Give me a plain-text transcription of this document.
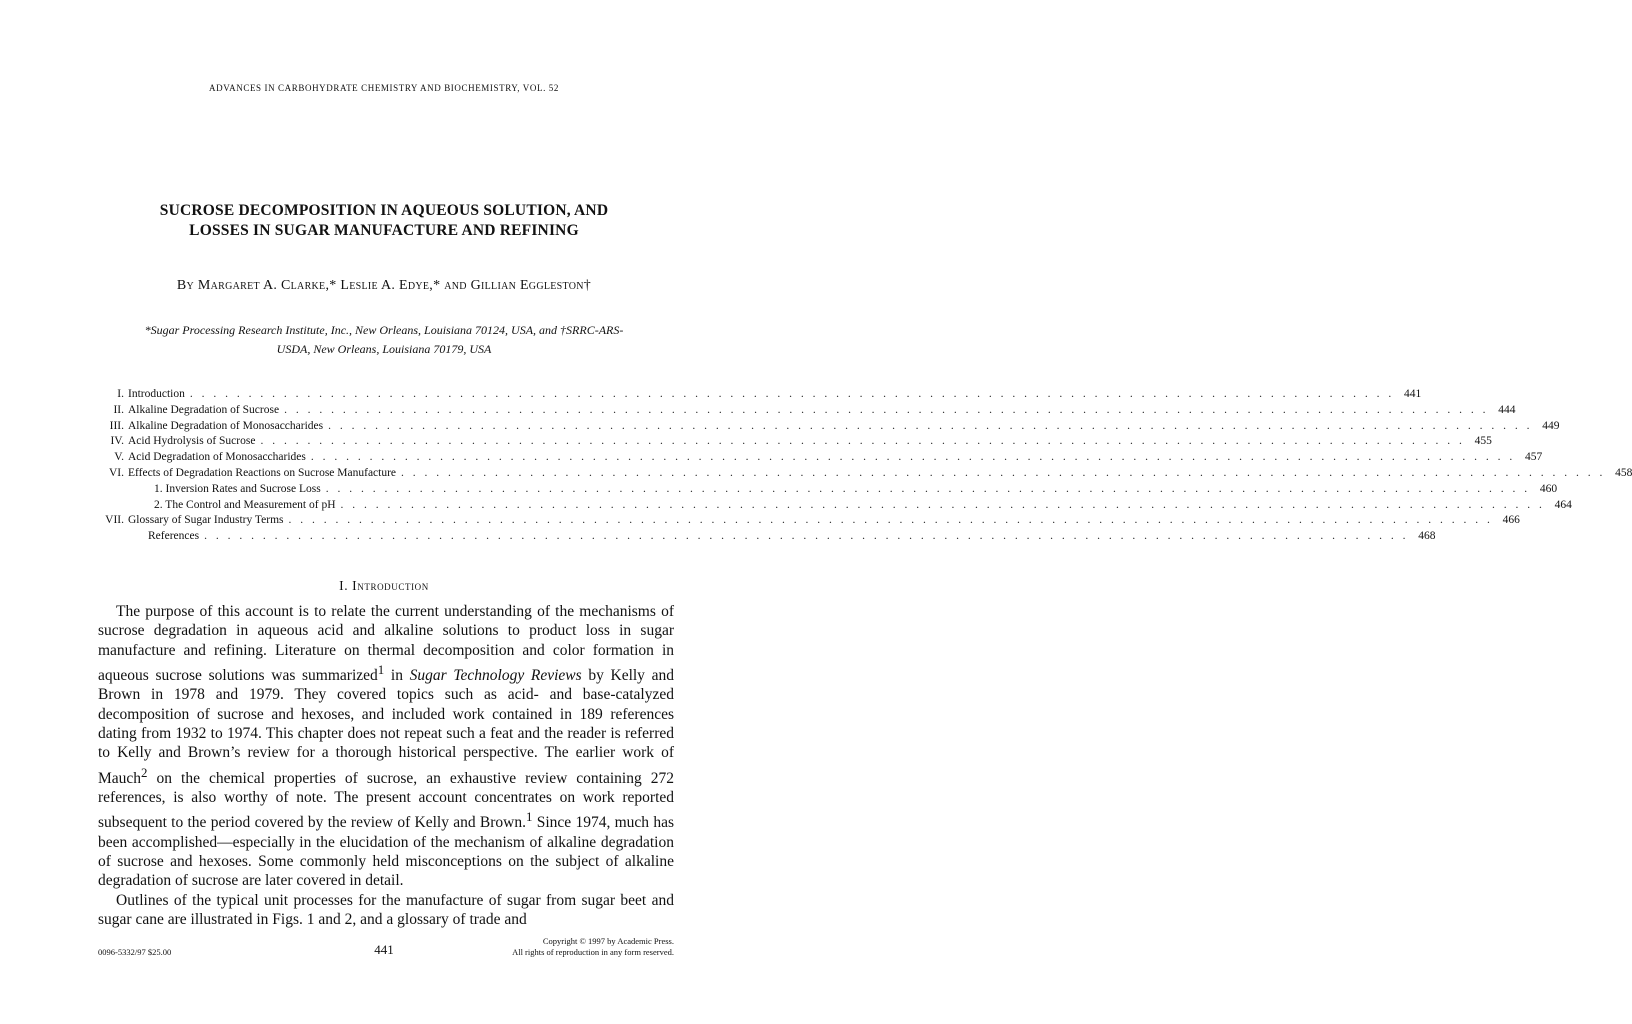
ADVANCES IN CARBOHYDRATE CHEMISTRY AND BIOCHEMISTRY, VOL. 52
SUCROSE DECOMPOSITION IN AQUEOUS SOLUTION, AND
LOSSES IN SUGAR MANUFACTURE AND REFINING
By Margaret A. Clarke,* Leslie A. Edye,* and Gillian Eggleston†
*Sugar Processing Research Institute, Inc., New Orleans, Louisiana 70124, USA, and †SRRC-ARS-
USDA, New Orleans, Louisiana 70179, USA
I. Introduction . . . . . . . . . . . . . . . . . . . . . . . . . . . . . . . . . . . . . . . . . . . . . . . . . . . . . . . . . . . . . . . . . . . . . . . . . . . . . . . . . . . . . . . . . . . . . . . . . . . . . . . 441
II. Alkaline Degradation of Sucrose . . . . . . . . . . . . . . . . . . . . . . . . . . . . . . . . . . . . . . . . . . . . . . . . . . . . . . . . . . . . . . . . . . . . . . . . . . . . . . . . . . . . . . . . . . . . . . . . . . . . . . . 444
III. Alkaline Degradation of Monosaccharides . . . . . . . . . . . . . . . . . . . . . . . . . . . . . . . . . . . . . . . . . . . . . . . . . . . . . . . . . . . . . . . . . . . . . . . . . . . . . . . . . . . . . . . . . . . . . . . . . . . . . . . 449
IV. Acid Hydrolysis of Sucrose . . . . . . . . . . . . . . . . . . . . . . . . . . . . . . . . . . . . . . . . . . . . . . . . . . . . . . . . . . . . . . . . . . . . . . . . . . . . . . . . . . . . . . . . . . . . . . . . . . . . . . . 455
V. Acid Degradation of Monosaccharides . . . . . . . . . . . . . . . . . . . . . . . . . . . . . . . . . . . . . . . . . . . . . . . . . . . . . . . . . . . . . . . . . . . . . . . . . . . . . . . . . . . . . . . . . . . . . . . . . . . . . . . 457
VI. Effects of Degradation Reactions on Sucrose Manufacture . . . . . . . . . . . . . . . . . . . . . . . . . . . . . . . . . . . . . . . . . . . . . . . . . . . . . . . . . . . . . . . . . . . . . . . . . . . . . . . . . . . . . . . . . . . . . . . . . . . . . . . 458
1. Inversion Rates and Sucrose Loss . . . . . . . . . . . . . . . . . . . . . . . . . . . . . . . . . . . . . . . . . . . . . . . . . . . . . . . . . . . . . . . . . . . . . . . . . . . . . . . . . . . . . . . . . . . . . . . . . . . . . . . 460
2. The Control and Measurement of pH . . . . . . . . . . . . . . . . . . . . . . . . . . . . . . . . . . . . . . . . . . . . . . . . . . . . . . . . . . . . . . . . . . . . . . . . . . . . . . . . . . . . . . . . . . . . . . . . . . . . . . . 464
VII. Glossary of Sugar Industry Terms . . . . . . . . . . . . . . . . . . . . . . . . . . . . . . . . . . . . . . . . . . . . . . . . . . . . . . . . . . . . . . . . . . . . . . . . . . . . . . . . . . . . . . . . . . . . . . . . . . . . . . . 466
References . . . . . . . . . . . . . . . . . . . . . . . . . . . . . . . . . . . . . . . . . . . . . . . . . . . . . . . . . . . . . . . . . . . . . . . . . . . . . . . . . . . . . . . . . . . . . . . . . . . . . . . 468
I. Introduction

The purpose of this account is to relate the current understanding of the mechanisms of sucrose degradation in aqueous acid and alkaline solutions to product loss in sugar manufacture and refining. Literature on thermal decomposition and color formation in aqueous sucrose solutions was summarized$^1$ in Sugar Technology Reviews by Kelly and Brown in 1978 and 1979. They covered topics such as acid- and base-catalyzed decomposition of sucrose and hexoses, and included work contained in 189 references dating from 1932 to 1974. This chapter does not repeat such a feat and the reader is referred to Kelly and Brown’s review for a thorough historical perspective. The earlier work of Mauch$^2$ on the chemical properties of sucrose, an exhaustive review containing 272 references, is also worthy of note. The present account concentrates on work reported subsequent to the period covered by the review of Kelly and Brown.$^1$ Since 1974, much has been accomplished—especially in the elucidation of the mechanism of alkaline degradation of sucrose and hexoses. Some commonly held misconceptions on the subject of alkaline degradation of sucrose are later covered in detail.

Outlines of the typical unit processes for the manufacture of sugar from sugar beet and sugar cane are illustrated in Figs. 1 and 2, and a glossary of trade and

0096-5332/97 $25.00	441
Copyright © 1997 by Academic Press.
All rights of reproduction in any form reserved.
